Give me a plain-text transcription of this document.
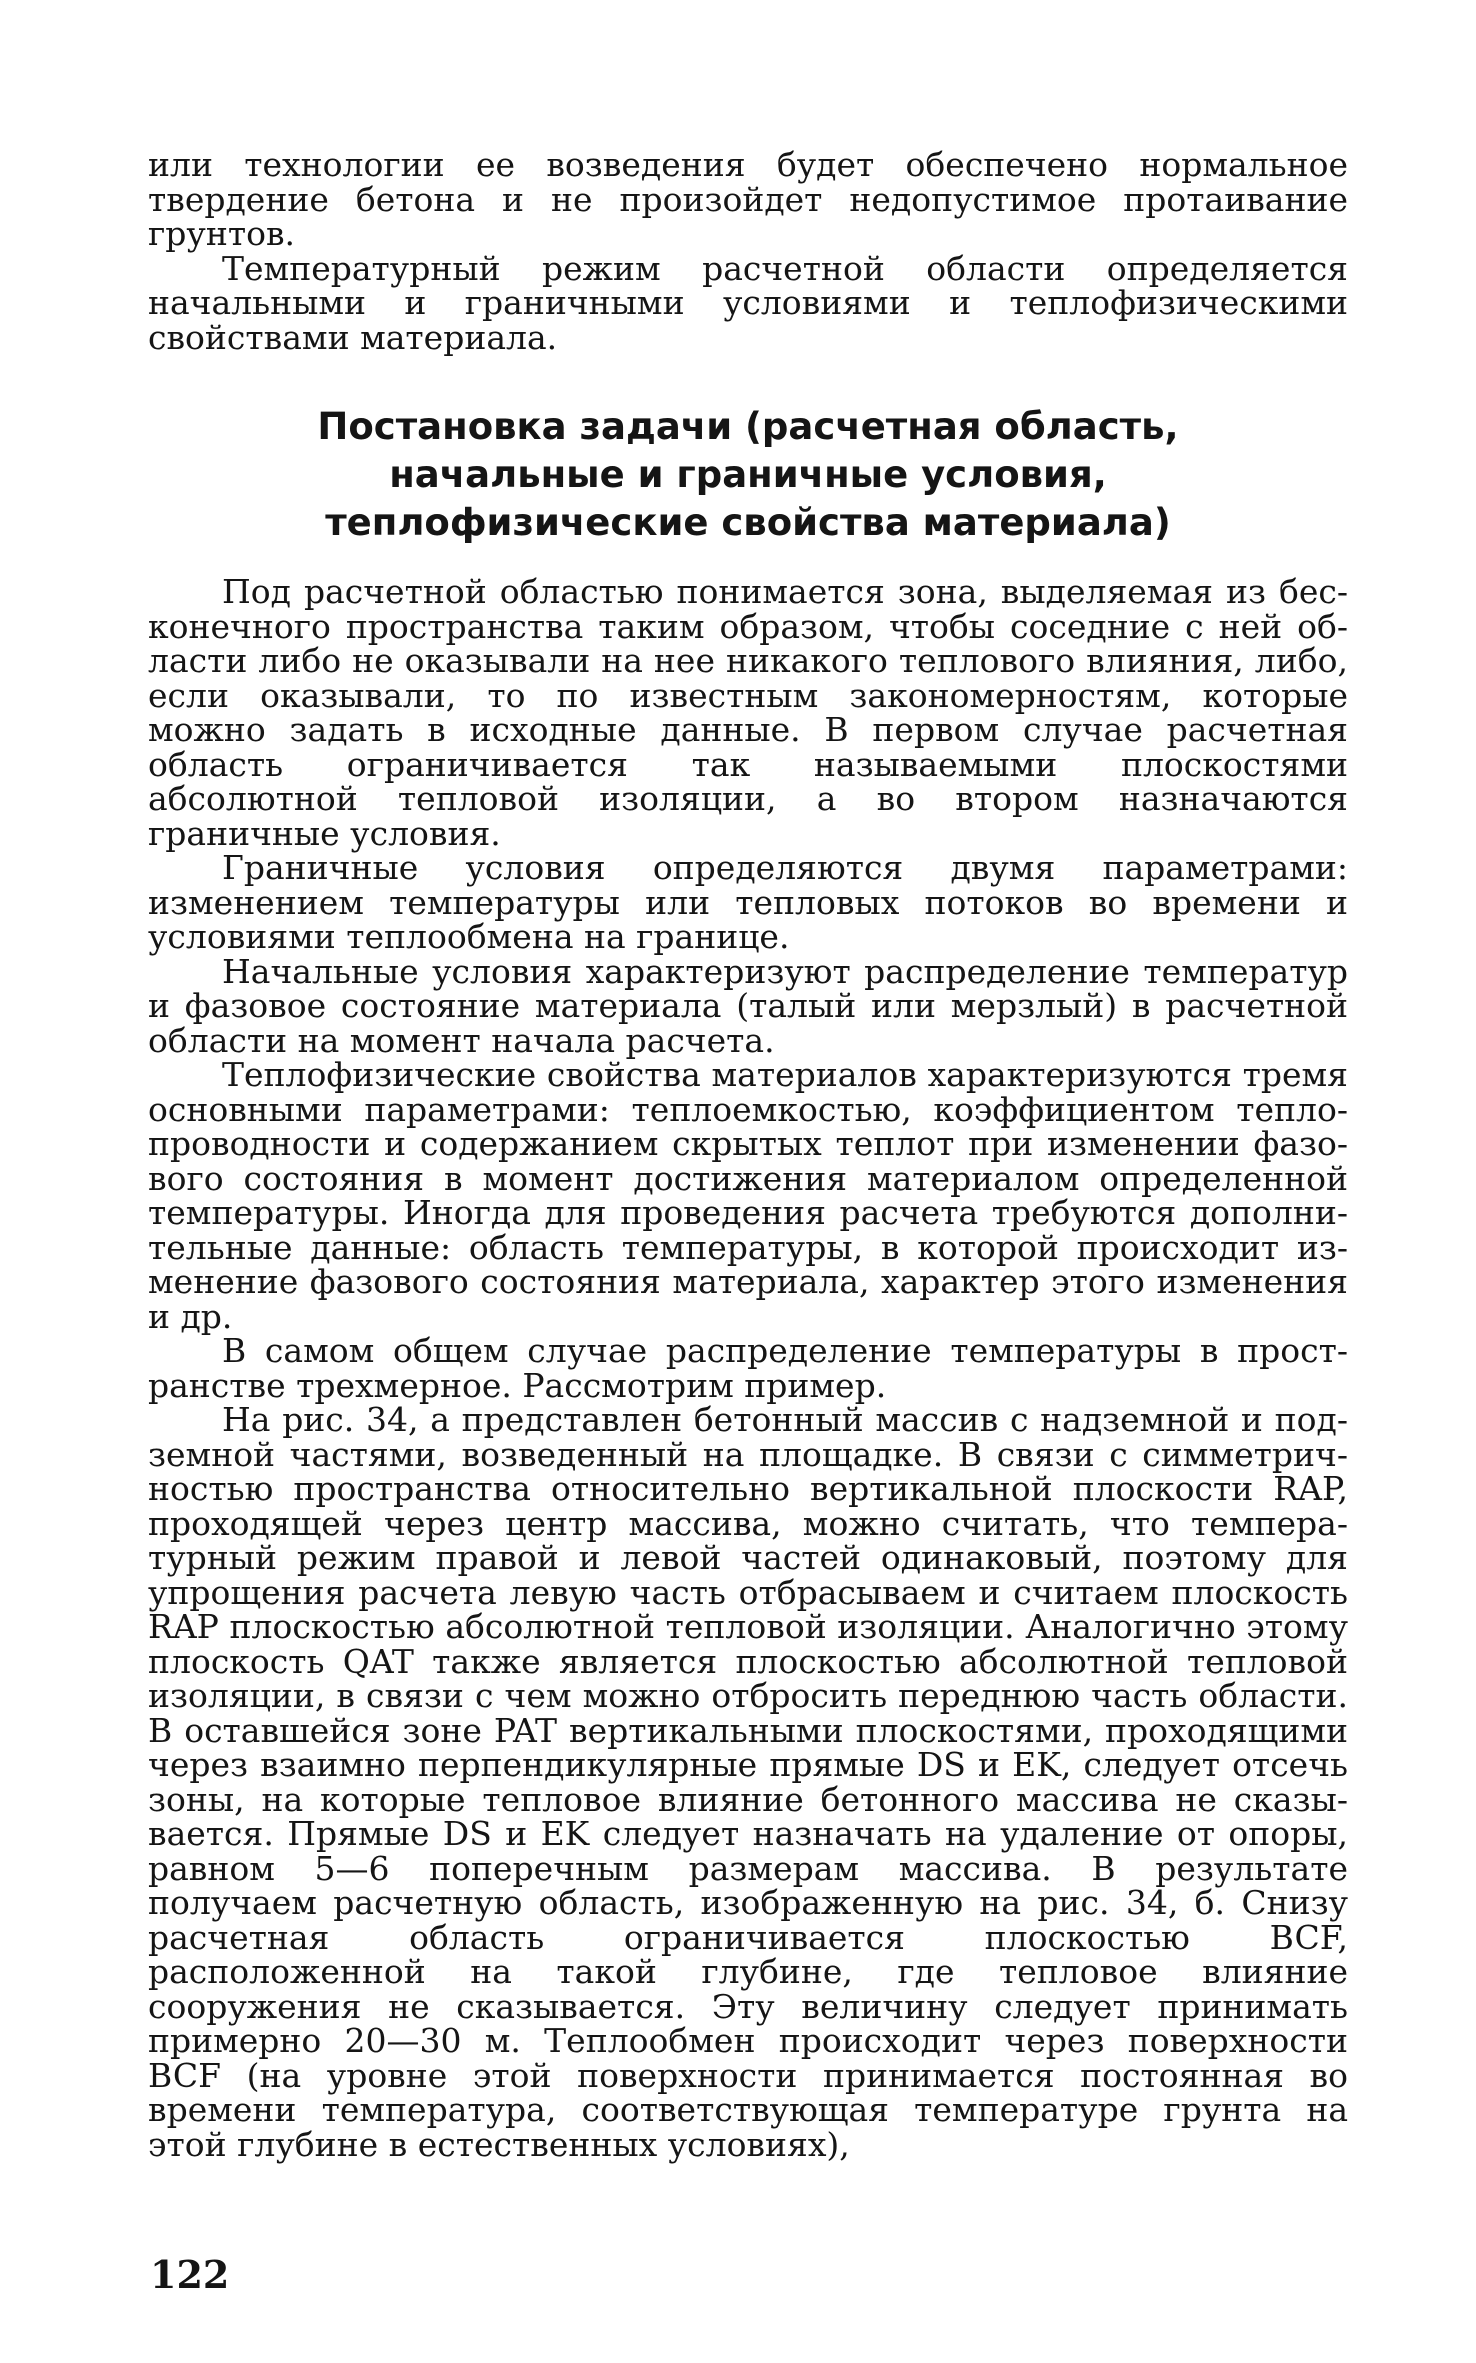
или технологии ее возведения будет обеспечено нормальное твердение бетона и не произойдет недопустимое протаивание грунтов.

Температурный режим расчетной области определяется начальными и граничными условиями и теплофизическими свойствами материала.

Постановка задачи (расчетная область,
начальные и граничные условия,
теплофизические свойства материала)

Под расчетной областью понимается зона, выделяемая из бесконечного пространства таким образом, чтобы соседние с ней области либо не оказывали на нее никакого теплового влияния, либо, если оказывали, то по известным закономерностям, которые можно задать в исходные данные. В первом случае расчетная область ограничивается так называемыми плоскостями абсолютной тепловой изоляции, а во втором назначаются граничные условия.

Граничные условия определяются двумя параметрами: изменением температуры или тепловых потоков во времени и условиями теплообмена на границе.

Начальные условия характеризуют распределение температур и фазовое состояние материала (талый или мерзлый) в расчетной области на момент начала расчета.

Теплофизические свойства материалов характеризуются тремя основными параметрами: теплоемкостью, коэффициентом теплопроводности и содержанием скрытых теплот при изменении фазового состояния в момент достижения материалом определенной температуры. Иногда для проведения расчета требуются дополнительные данные: область температуры, в которой происходит изменение фазового состояния материала, характер этого изменения и др.

В самом общем случае распределение температуры в пространстве трехмерное. Рассмотрим пример.

На рис. 34, а представлен бетонный массив с надземной и подземной частями, возведенный на площадке. В связи с симметричностью пространства относительно вертикальной плоскости RAP, проходящей через центр массива, можно считать, что температурный режим правой и левой частей одинаковый, поэтому для упрощения расчета левую часть отбрасываем и считаем плоскость RAP плоскостью абсолютной тепловой изоляции. Аналогично этому плоскость QAT также является плоскостью абсолютной тепловой изоляции, в связи с чем можно отбросить переднюю часть области. В оставшейся зоне PAT вертикальными плоскостями, проходящими через взаимно перпендикулярные прямые DS и EK, следует отсечь зоны, на которые тепловое влияние бетонного массива не сказывается. Прямые DS и EK следует назначать на удаление от опоры, равном 5—6 поперечным размерам массива. В результате получаем расчетную область, изображенную на рис. 34, б. Снизу расчетная область ограничивается плоскостью BCF, расположенной на такой глубине, где тепловое влияние сооружения не сказывается. Эту величину следует принимать примерно 20—30 м. Теплообмен происходит через поверхности BCF (на уровне этой поверхности принимается постоянная во времени температура, соответствующая температуре грунта на этой глубине в естественных условиях),

122
